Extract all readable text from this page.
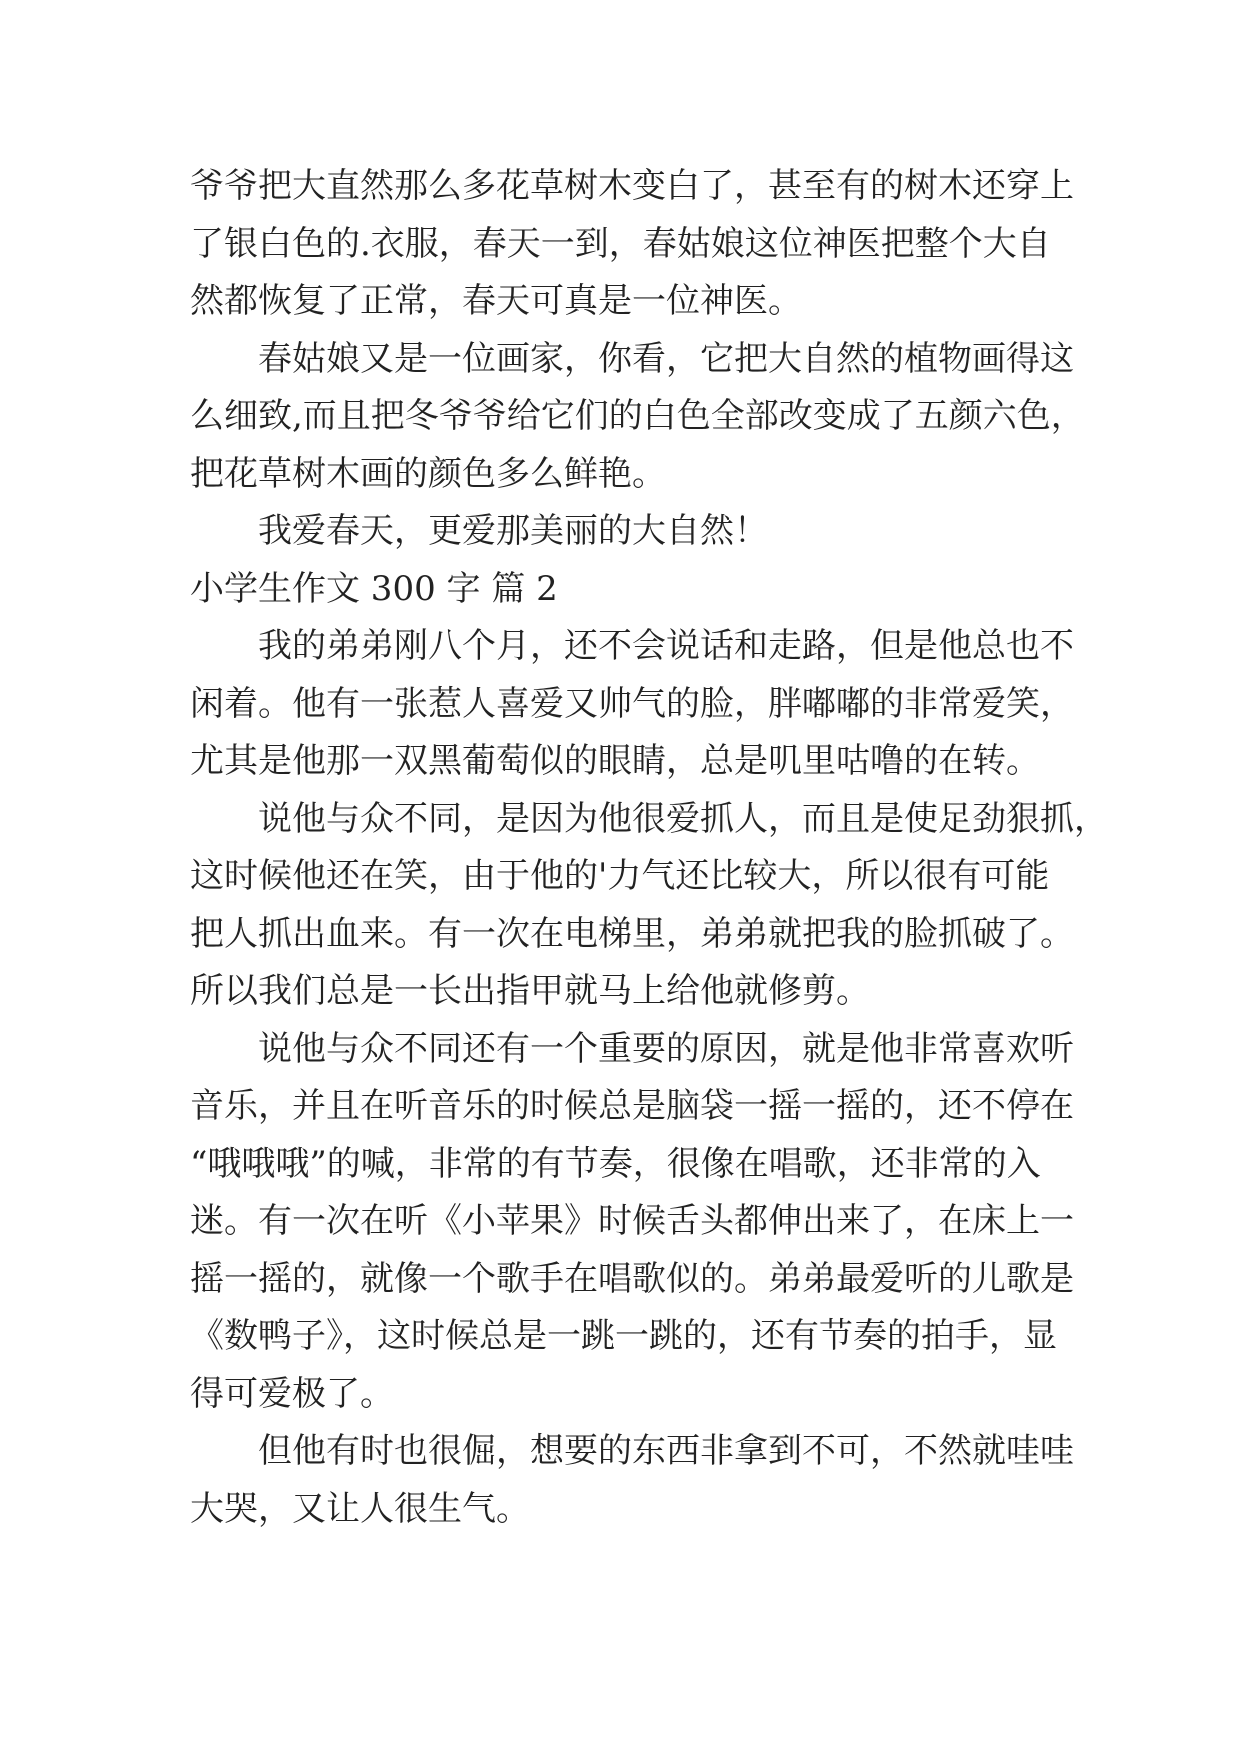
爷爷把大直然那么多花草树木变白了，甚至有的树木还穿上
了银白色的.衣服，春天一到，春姑娘这位神医把整个大自
然都恢复了正常，春天可真是一位神医。
春姑娘又是一位画家，你看，它把大自然的植物画得这
么细致,而且把冬爷爷给它们的白色全部改变成了五颜六色，
把花草树木画的颜色多么鲜艳。
我爱春天，更爱那美丽的大自然！
小学生作文 300 字 篇 2
我的弟弟刚八个月，还不会说话和走路，但是他总也不
闲着。他有一张惹人喜爱又帅气的脸，胖嘟嘟的非常爱笑，
尤其是他那一双黑葡萄似的眼睛，总是叽里咕噜的在转。
说他与众不同，是因为他很爱抓人，而且是使足劲狠抓，
这时候他还在笑，由于他的'力气还比较大，所以很有可能
把人抓出血来。有一次在电梯里，弟弟就把我的脸抓破了。
所以我们总是一长出指甲就马上给他就修剪。
说他与众不同还有一个重要的原因，就是他非常喜欢听
音乐，并且在听音乐的时候总是脑袋一摇一摇的，还不停在
“哦哦哦”的喊，非常的有节奏，很像在唱歌，还非常的入
迷。有一次在听《小苹果》时候舌头都伸出来了，在床上一
摇一摇的，就像一个歌手在唱歌似的。弟弟最爱听的儿歌是
《数鸭子》，这时候总是一跳一跳的，还有节奏的拍手，显
得可爱极了。
但他有时也很倔，想要的东西非拿到不可，不然就哇哇
大哭，又让人很生气。
